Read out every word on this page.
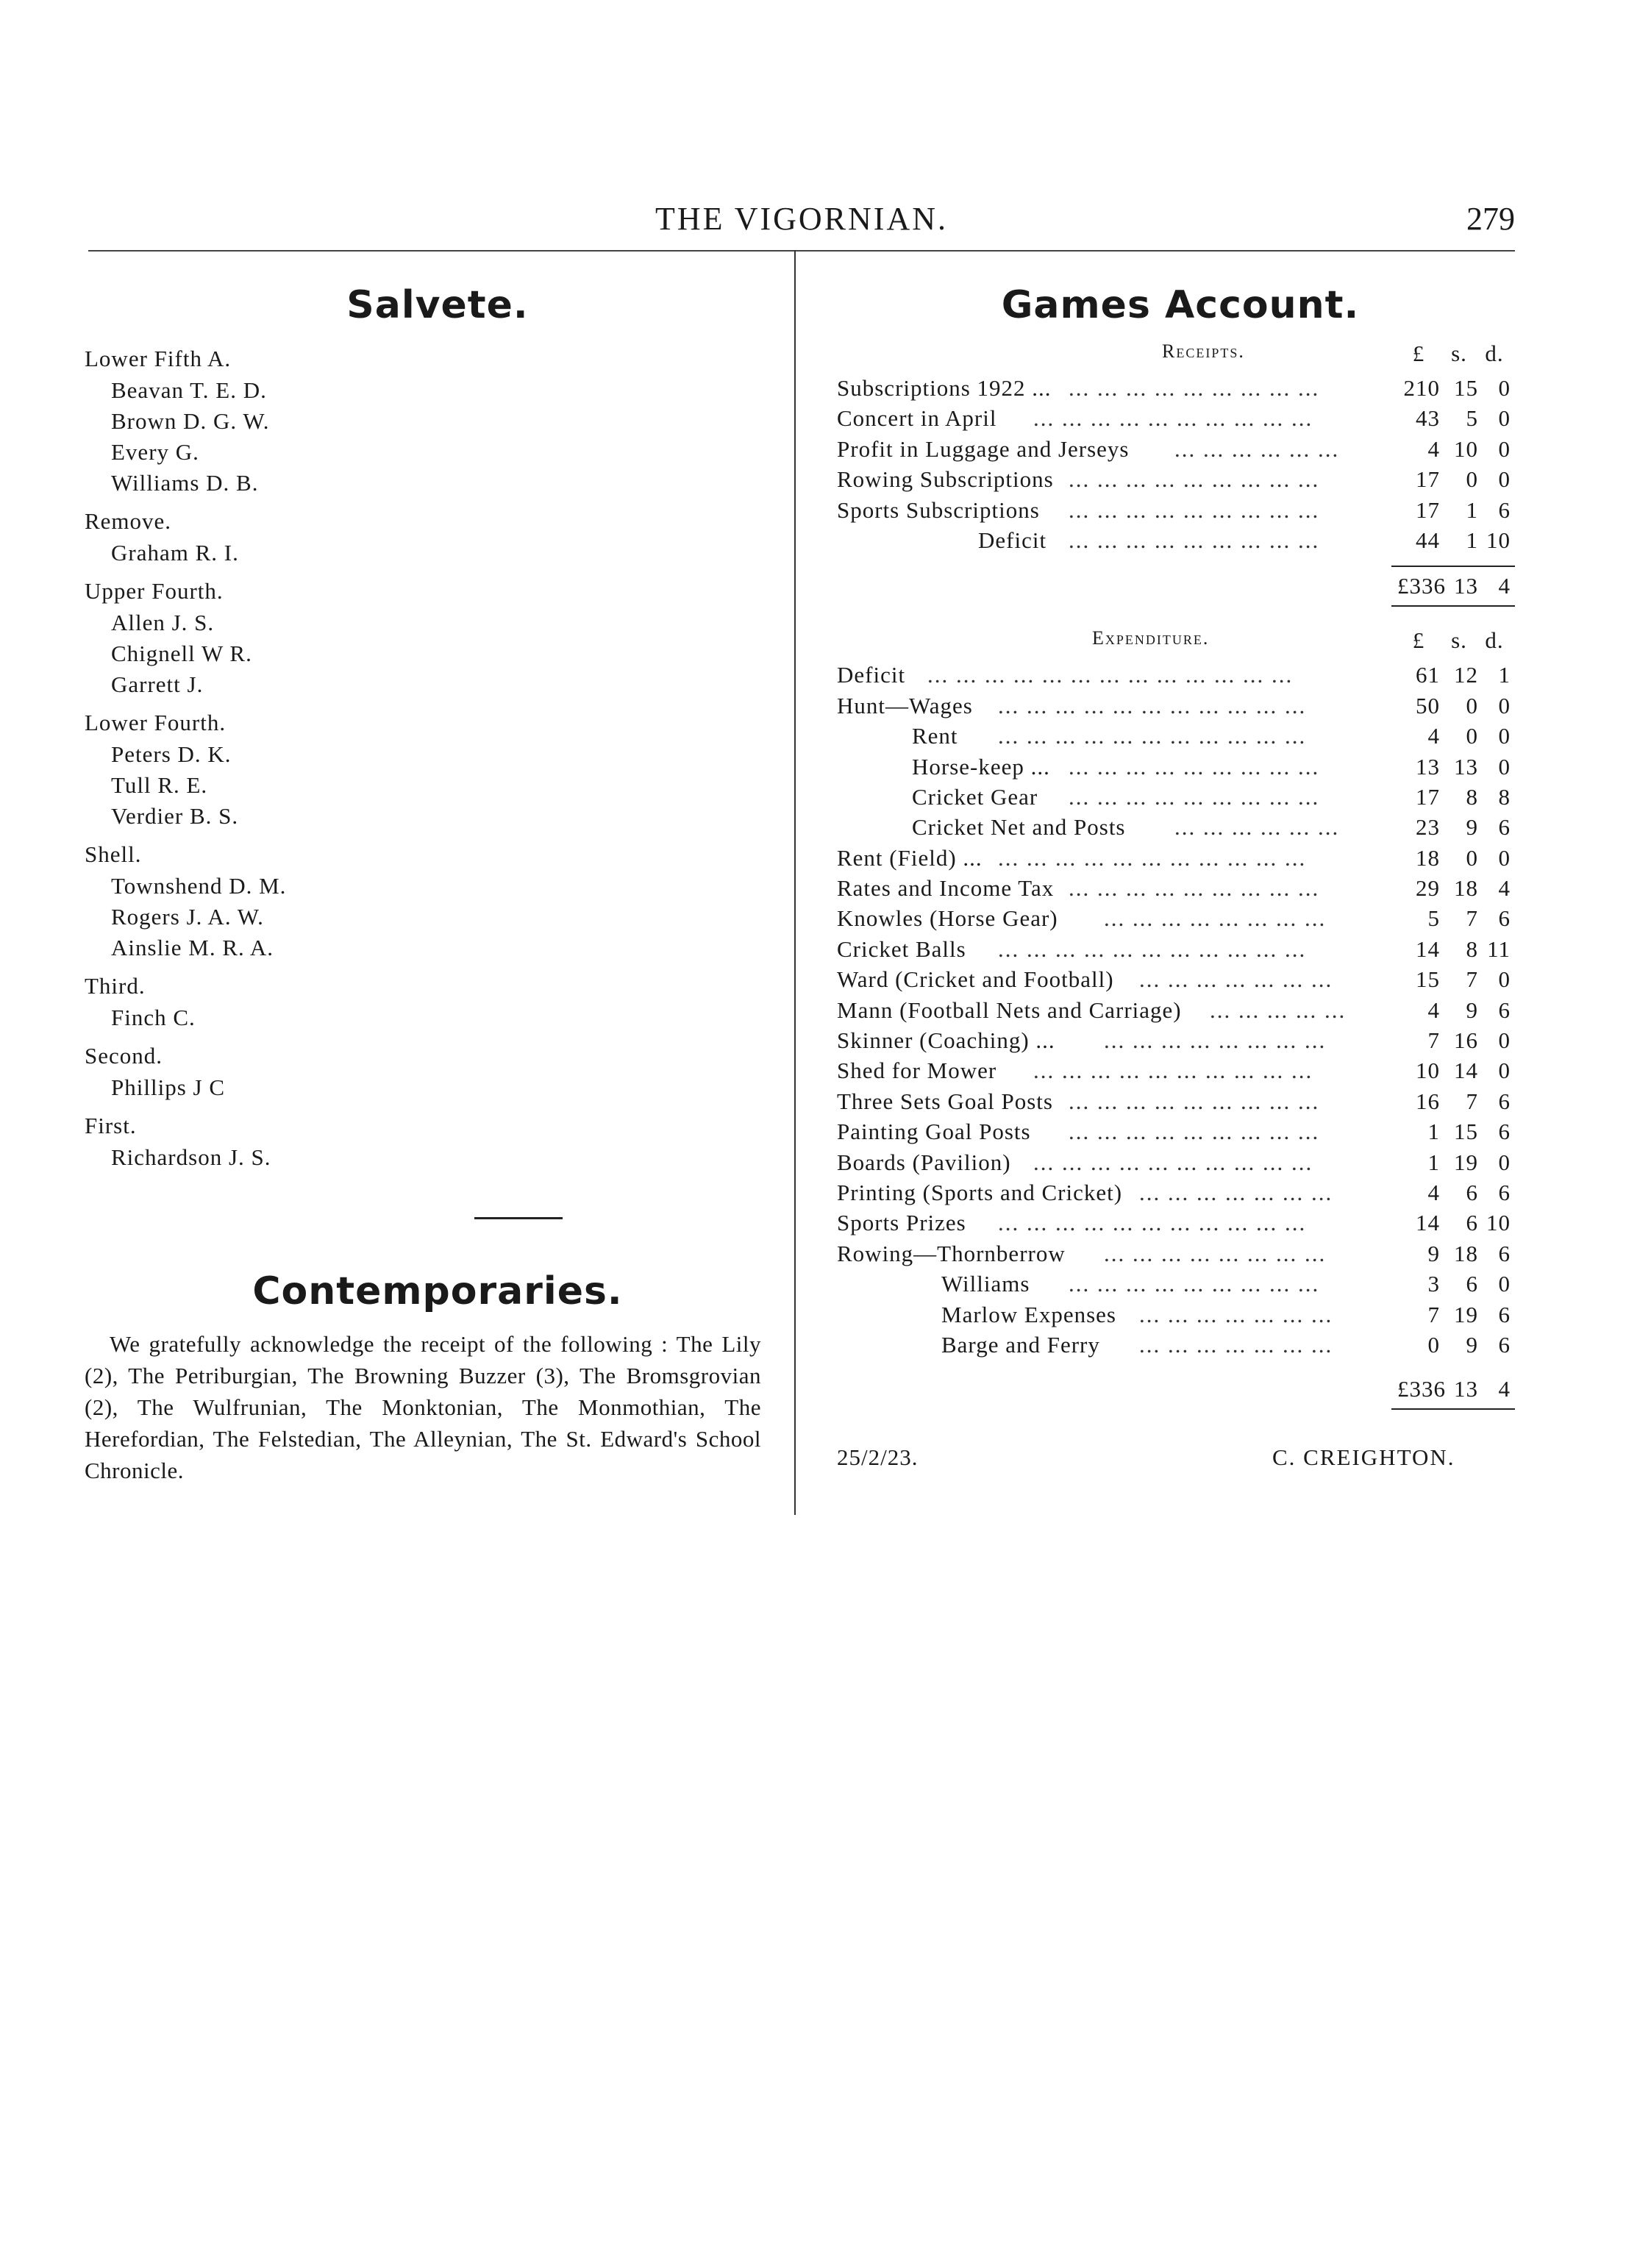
THE VIGORNIAN.	279
Salvete.
Lower Fifth A.
Beavan T. E. D.
Brown D. G. W.
Every G.
Williams D. B.
Remove.
Graham R. I.
Upper Fourth.
Allen J. S.
Chignell W R.
Garrett J.
Lower Fourth.
Peters D. K.
Tull R. E.
Verdier B. S.
Shell.
Townshend D. M.
Rogers J. A. W.
Ainslie M. R. A.
Third.
Finch C.
Second.
Phillips J C
First.
Richardson J. S.
Contemporaries.
We gratefully acknowledge the receipt of the following : The Lily (2), The Petriburgian, The Browning Buzzer (3), The Bromsgrovian (2), The Wulfrunian, The Monktonian, The Monmothian, The Herefordian, The Felstedian, The Alleynian, The St. Edward's School Chronicle.
Games Account.
Receipts.	£ s. d.
Subscriptions 1922 ...	210 15 0
... ... ... ... ... ... ... ... ...
Concert in April	43 5 0
... ... ... ... ... ... ... ... ... ...
Profit in Luggage and Jerseys	4 10 0
... ... ... ... ... ...
Rowing Subscriptions	17 0 0
... ... ... ... ... ... ... ... ...
Sports Subscriptions	17 1 6
... ... ... ... ... ... ... ... ...
Deficit	44 1 10
... ... ... ... ... ... ... ... ...
£336 13 4
Expenditure.	£ s. d.
Deficit	61 12 1
... ... ... ... ... ... ... ... ... ... ... ... ...
Hunt—Wages	50 0 0
... ... ... ... ... ... ... ... ... ... ...
Rent	4 0 0
... ... ... ... ... ... ... ... ... ... ...
Horse-keep ...	13 13 0
... ... ... ... ... ... ... ... ...
Cricket Gear	17 8 8
... ... ... ... ... ... ... ... ...
Cricket Net and Posts	23 9 6
... ... ... ... ... ...
Rent (Field) ...	18 0 0
... ... ... ... ... ... ... ... ... ... ...
Rates and Income Tax	29 18 4
... ... ... ... ... ... ... ... ...
Knowles (Horse Gear)	5 7 6
... ... ... ... ... ... ... ...
Cricket Balls	14 8 11
... ... ... ... ... ... ... ... ... ... ...
Ward (Cricket and Football)	15 7 0
... ... ... ... ... ... ...
Mann (Football Nets and Carriage)	4 9 6
... ... ... ... ...
Skinner (Coaching) ...	7 16 0
... ... ... ... ... ... ... ...
Shed for Mower	10 14 0
... ... ... ... ... ... ... ... ... ...
Three Sets Goal Posts	16 7 6
... ... ... ... ... ... ... ... ...
Painting Goal Posts	1 15 6
... ... ... ... ... ... ... ... ...
Boards (Pavilion)	1 19 0
... ... ... ... ... ... ... ... ... ...
Printing (Sports and Cricket)	4 6 6
... ... ... ... ... ... ...
Sports Prizes	14 6 10
... ... ... ... ... ... ... ... ... ... ...
Rowing—Thornberrow	9 18 6
... ... ... ... ... ... ... ...
Williams	3 6 0
... ... ... ... ... ... ... ... ...
Marlow Expenses	7 19 6
... ... ... ... ... ... ...
Barge and Ferry	0 9 6
... ... ... ... ... ... ...
£336 13 4
25/2/23.	C. CREIGHTON.
